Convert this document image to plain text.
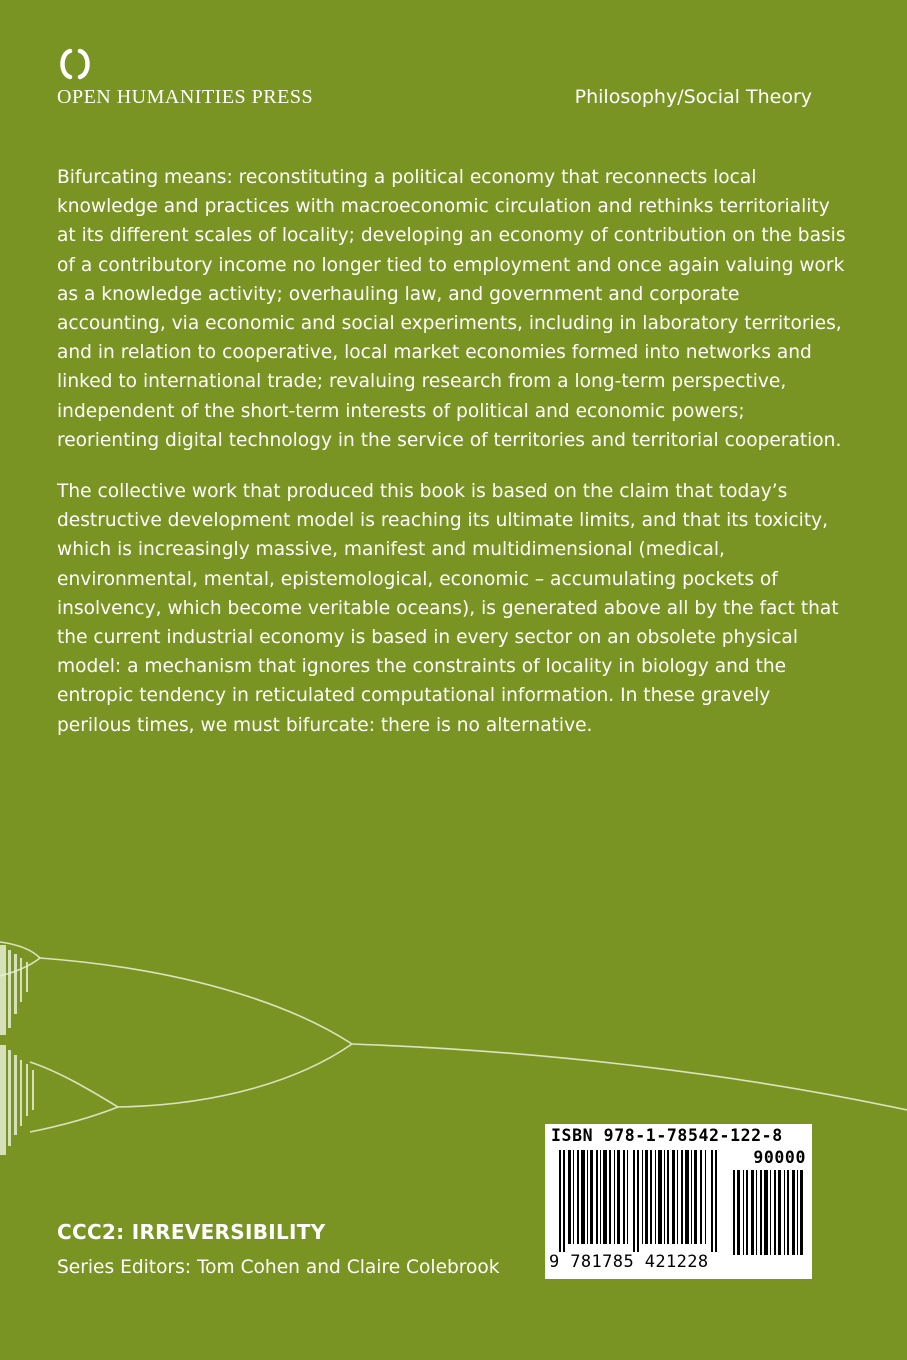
OPEN HUMANITIES PRESS	Philosophy/Social Theory

Bifurcating means: reconstituting a political economy that reconnects local knowledge and practices with macroeconomic circulation and rethinks territoriality at its different scales of locality; developing an economy of contribution on the basis of a contributory income no longer tied to employment and once again valuing work as a knowledge activity; overhauling law, and government and corporate accounting, via economic and social experiments, including in laboratory territories, and in relation to cooperative, local market economies formed into networks and linked to international trade; revaluing research from a long-term perspective, independent of the short-term interests of political and economic powers; reorienting digital technology in the service of territories and territorial cooperation.

The collective work that produced this book is based on the claim that today’s destructive development model is reaching its ultimate limits, and that its toxicity, which is increasingly massive, manifest and multidimensional (medical, environmental, mental, epistemological, economic – accumulating pockets of insolvency, which become veritable oceans), is generated above all by the fact that the current industrial economy is based in every sector on an obsolete physical model: a mechanism that ignores the constraints of locality in biology and the entropic tendency in reticulated computational information. In these gravely perilous times, we must bifurcate: there is no alternative.

CCC2: IRREVERSIBILITY
Series Editors: Tom Cohen and Claire Colebrook
ISBN 978-1-78542-122-8
90000
9 781785 421228
